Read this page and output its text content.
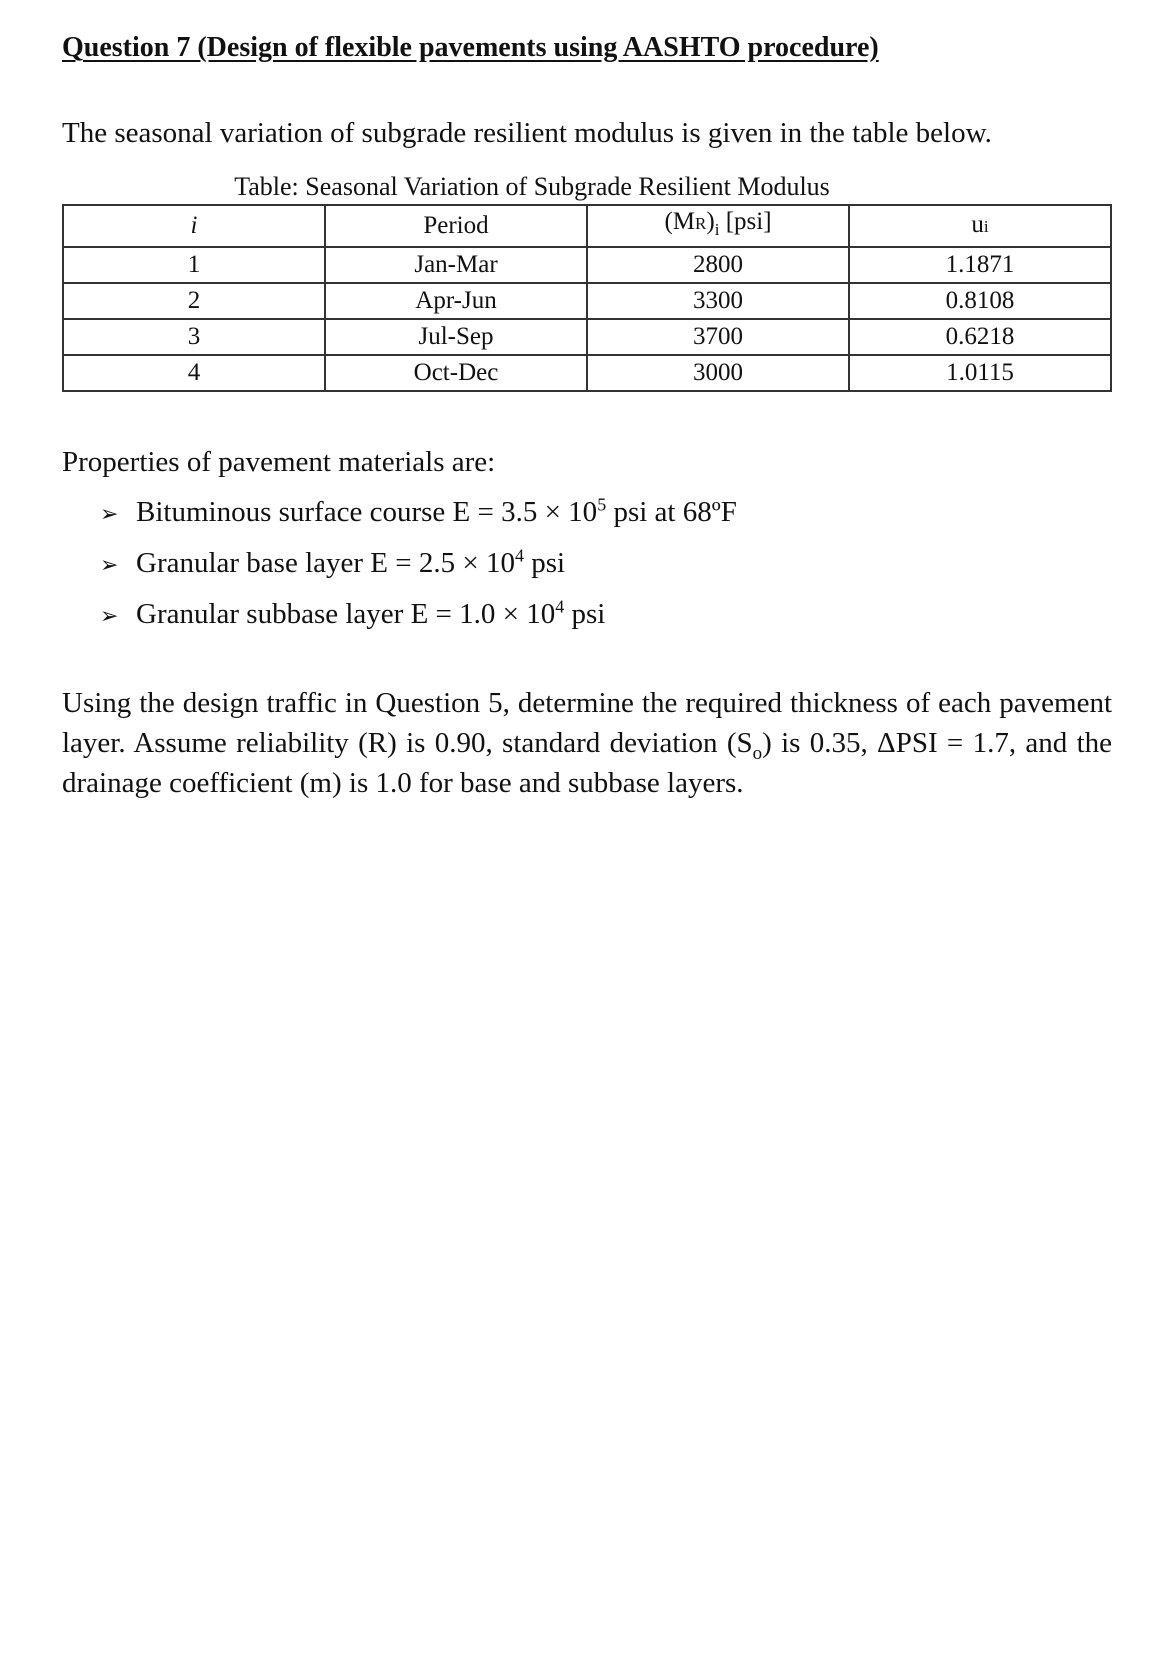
Question 7 (Design of flexible pavements using AASHTO procedure)

The seasonal variation of subgrade resilient modulus is given in the table below.

Table: Seasonal Variation of Subgrade Resilient Modulus

i	Period	$(MR)_i$ [psi]	ui
1	Jan-Mar	2800	1.1871
2	Apr-Jun	3300	0.8108
3	Jul-Sep	3700	0.6218
4	Oct-Dec	3000	1.0115

Properties of pavement materials are:

➢ Bituminous surface course $E = 3.5 \times 10^5$ psi at 68ºF
➢ Granular base layer $E = 2.5 \times 10^4$ psi
➢ Granular subbase layer $E = 1.0 \times 10^4$ psi

Using the design traffic in Question 5, determine the required thickness of each pavement layer. Assume reliability (R) is 0.90, standard deviation $(S_o)$ is 0.35, ΔPSI = 1.7, and the drainage coefficient (m) is 1.0 for base and subbase layers.
